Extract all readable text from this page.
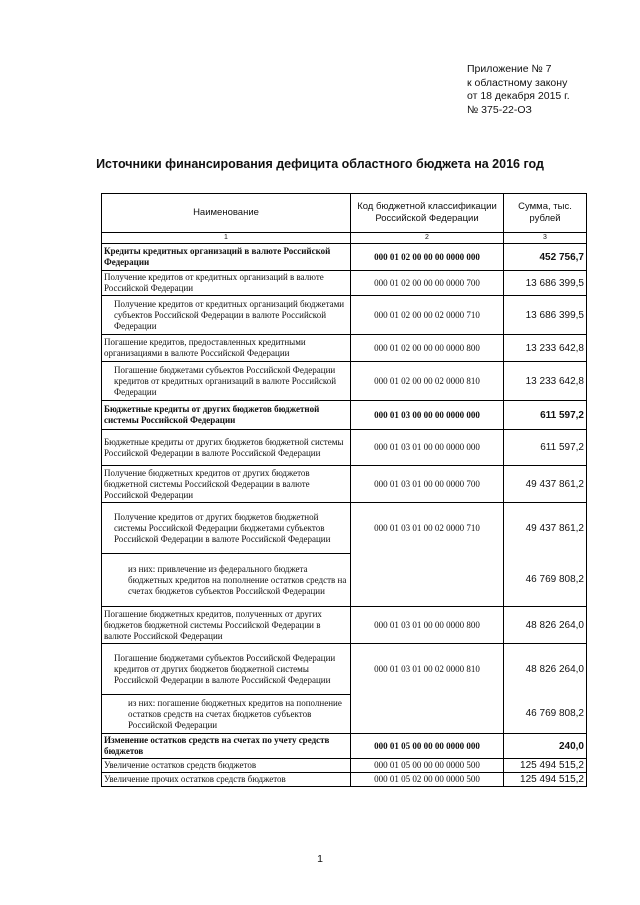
Приложение № 7
к областному закону
от 18 декабря 2015 г.
№ 375-22-ОЗ
Источники финансирования дефицита областного бюджета на 2016 год
Наименование	Код бюджетной классификации Российской Федерации	Сумма, тыс. рублей
1	2	3
Кредиты кредитных организаций в валюте Российской Федерации	000 01 02 00 00 00 0000 000	452 756,7
Получение кредитов от кредитных организаций в валюте Российской Федерации	000 01 02 00 00 00 0000 700	13 686 399,5
Получение кредитов от кредитных организаций бюджетами субъектов Российской Федерации в валюте Российской Федерации	000 01 02 00 00 02 0000 710	13 686 399,5
Погашение кредитов, предоставленных кредитными организациями в валюте Российской Федерации	000 01 02 00 00 00 0000 800	13 233 642,8
Погашение бюджетами субъектов Российской Федерации кредитов от кредитных организаций в валюте Российской Федерации	000 01 02 00 00 02 0000 810	13 233 642,8
Бюджетные кредиты от других бюджетов бюджетной системы Российской Федерации	000 01 03 00 00 00 0000 000	611 597,2
Бюджетные кредиты от других бюджетов бюджетной системы Российской Федерации в валюте Российской Федерации	000 01 03 01 00 00 0000 000	611 597,2
Получение бюджетных кредитов от других бюджетов бюджетной системы Российской Федерации в валюте Российской Федерации	000 01 03 01 00 00 0000 700	49 437 861,2
Получение кредитов от других бюджетов бюджетной системы Российской Федерации бюджетами субъектов Российской Федерации в валюте Российской Федерации	000 01 03 01 00 02 0000 710	49 437 861,2
из них: привлечение из федерального бюджета бюджетных кредитов на пополнение остатков средств на счетах бюджетов субъектов Российской Федерации		46 769 808,2
Погашение бюджетных кредитов, полученных от других бюджетов бюджетной системы Российской Федерации в валюте Российской Федерации	000 01 03 01 00 00 0000 800	48 826 264,0
Погашение бюджетами субъектов Российской Федерации кредитов от других бюджетов бюджетной системы Российской Федерации в валюте Российской Федерации	000 01 03 01 00 02 0000 810	48 826 264,0
из них: погашение бюджетных кредитов на пополнение остатков средств на счетах бюджетов субъектов Российской Федерации		46 769 808,2
Изменение остатков средств на счетах по учету средств бюджетов	000 01 05 00 00 00 0000 000	240,0
Увеличение остатков средств бюджетов	000 01 05 00 00 00 0000 500	125 494 515,2
Увеличение прочих остатков средств бюджетов	000 01 05 02 00 00 0000 500	125 494 515,2
1
